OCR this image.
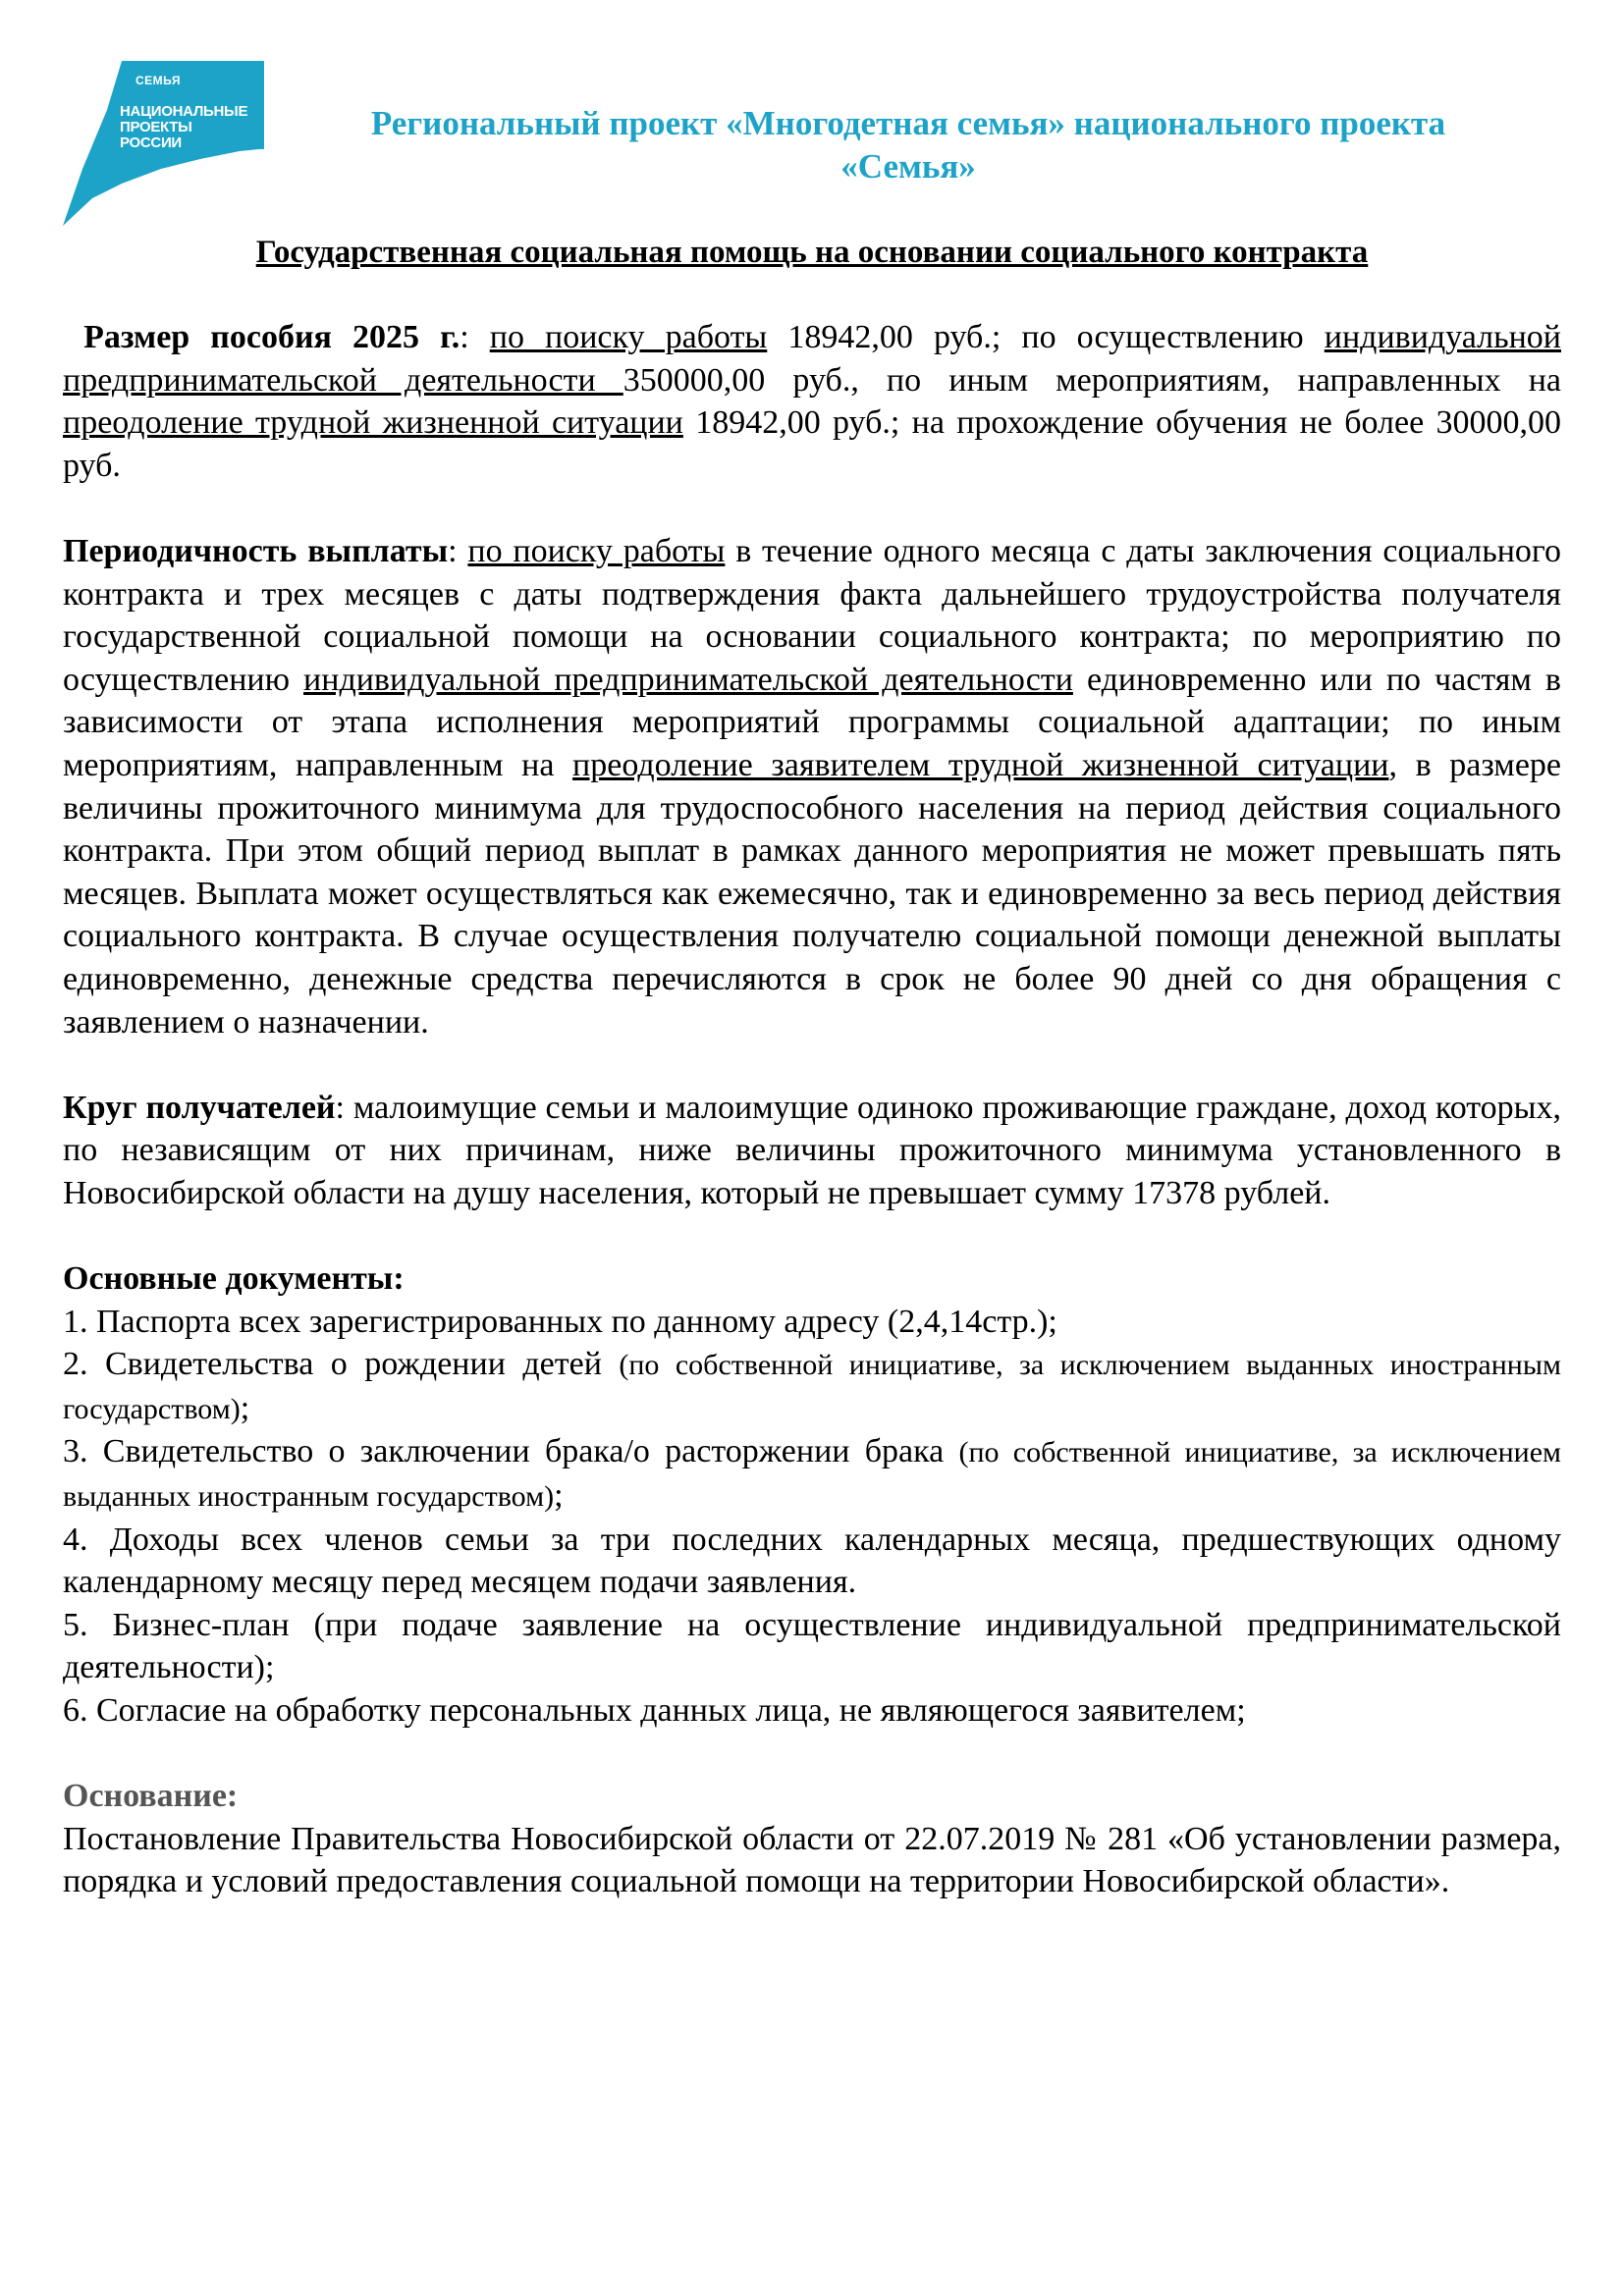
СЕМЬЯ
НАЦИОНАЛЬНЫЕ
ПРОЕКТЫ
РОССИИ	Региональный проект «Многодетная семья» национального проекта
«Семья»
Государственная социальная помощь на основании социального контракта

Размер пособия 2025 г.: по поиску работы 18942,00 руб.; по осуществлению индивидуальной предпринимательской деятельности 350000,00 руб., по иным мероприятиям, направленных на преодоление трудной жизненной ситуации 18942,00 руб.; на прохождение обучения не более 30000,00 руб.

Периодичность выплаты: по поиску работы в течение одного месяца с даты заключения социального контракта и трех месяцев с даты подтверждения факта дальнейшего трудоустройства получателя государственной социальной помощи на основании социального контракта; по мероприятию по осуществлению индивидуальной предпринимательской деятельности единовременно или по частям в зависимости от этапа исполнения мероприятий программы социальной адаптации; по иным мероприятиям, направленным на преодоление заявителем трудной жизненной ситуации, в размере величины прожиточного минимума для трудоспособного населения на период действия социального контракта. При этом общий период выплат в рамках данного мероприятия не может превышать пять месяцев. Выплата может осуществляться как ежемесячно, так и единовременно за весь период действия социального контракта. В случае осуществления получателю социальной помощи денежной выплаты единовременно, денежные средства перечисляются в срок не более 90 дней со дня обращения с заявлением о назначении.

Круг получателей: малоимущие семьи и малоимущие одиноко проживающие граждане, доход которых, по независящим от них причинам, ниже величины прожиточного минимума установленного в Новосибирской области на душу населения, который не превышает сумму 17378 рублей.

Основные документы:

1. Паспорта всех зарегистрированных по данному адресу (2,4,14стр.);

2. Свидетельства о рождении детей (по собственной инициативе, за исключением выданных иностранным государством);

3. Свидетельство о заключении брака/о расторжении брака (по собственной инициативе, за исключением выданных иностранным государством);

4. Доходы всех членов семьи за три последних календарных месяца, предшествующих одному календарному месяцу перед месяцем подачи заявления.

5. Бизнес-план (при подаче заявление на осуществление индивидуальной предпринимательской деятельности);

6. Согласие на обработку персональных данных лица, не являющегося заявителем;

Основание:

Постановление Правительства Новосибирской области от 22.07.2019 № 281 «Об установлении размера, порядка и условий предоставления социальной помощи на территории Новосибирской области».
